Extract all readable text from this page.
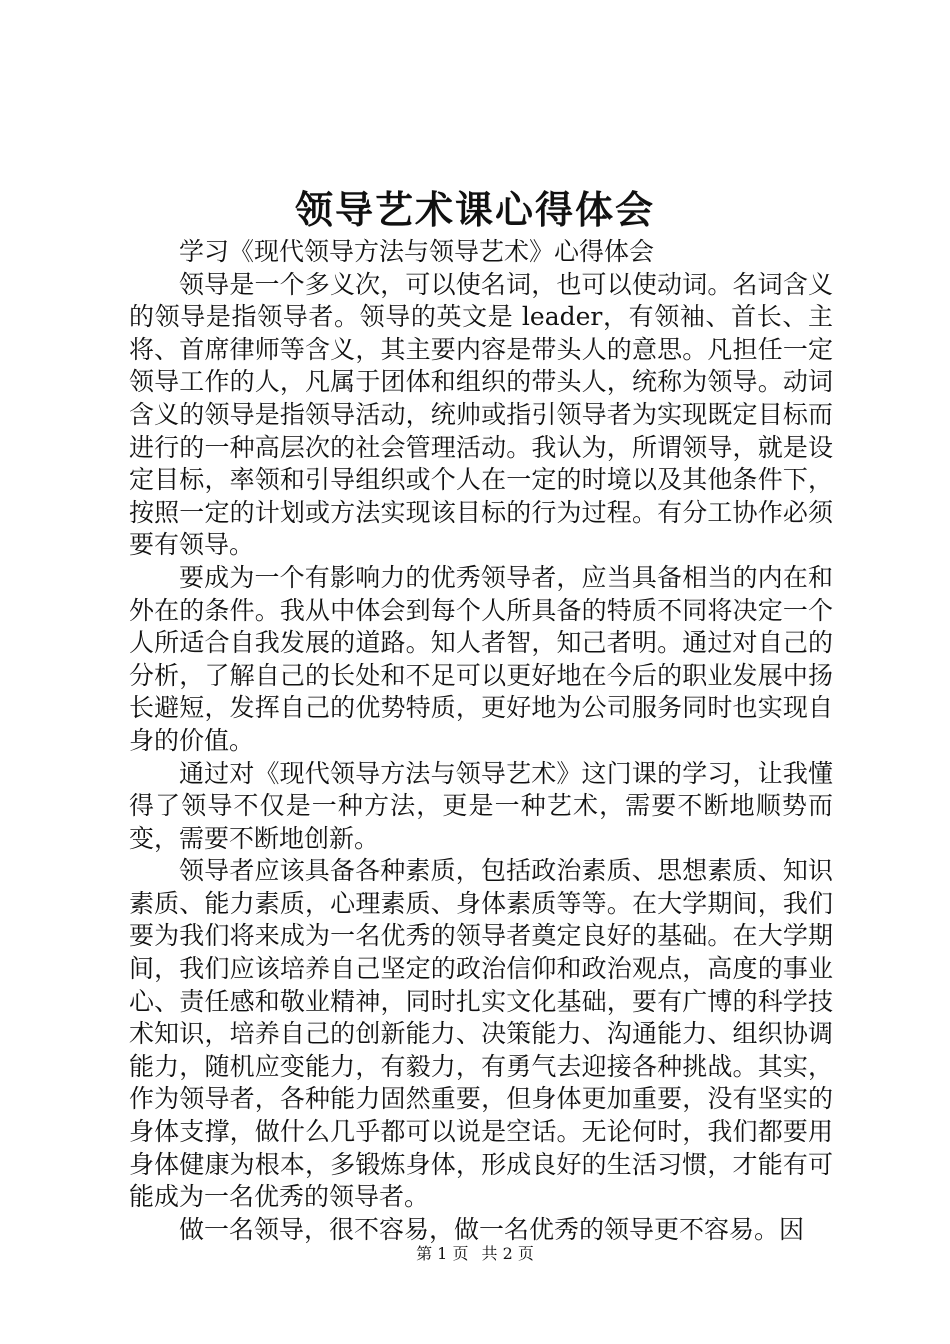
领导艺术课心得体会

学习《现代领导方法与领导艺术》心得体会

领导是一个多义次，可以使名词，也可以使动词。名词含义的领导是指领导者。领导的英文是 leader，有领袖、首长、主将、首席律师等含义，其主要内容是带头人的意思。凡担任一定领导工作的人，凡属于团体和组织的带头人，统称为领导。动词含义的领导是指领导活动，统帅或指引领导者为实现既定目标而进行的一种高层次的社会管理活动。我认为，所谓领导，就是设定目标，率领和引导组织或个人在一定的时境以及其他条件下，按照一定的计划或方法实现该目标的行为过程。有分工协作必须要有领导。

要成为一个有影响力的优秀领导者，应当具备相当的内在和外在的条件。我从中体会到每个人所具备的特质不同将决定一个人所适合自我发展的道路。知人者智，知己者明。通过对自己的分析，了解自己的长处和不足可以更好地在今后的职业发展中扬长避短，发挥自己的优势特质，更好地为公司服务同时也实现自身的价值。

通过对《现代领导方法与领导艺术》这门课的学习，让我懂得了领导不仅是一种方法，更是一种艺术，需要不断地顺势而变，需要不断地创新。

领导者应该具备各种素质，包括政治素质、思想素质、知识素质、能力素质，心理素质、身体素质等等。在大学期间，我们要为我们将来成为一名优秀的领导者奠定良好的基础。在大学期间，我们应该培养自己坚定的政治信仰和政治观点，高度的事业心、责任感和敬业精神，同时扎实文化基础，要有广博的科学技术知识，培养自己的创新能力、决策能力、沟通能力、组织协调能力，随机应变能力，有毅力，有勇气去迎接各种挑战。其实，作为领导者，各种能力固然重要，但身体更加重要，没有坚实的身体支撑，做什么几乎都可以说是空话。无论何时，我们都要用身体健康为根本，多锻炼身体，形成良好的生活习惯，才能有可能成为一名优秀的领导者。

做一名领导，很不容易，做一名优秀的领导更不容易。因

第 1 页 共 2 页
